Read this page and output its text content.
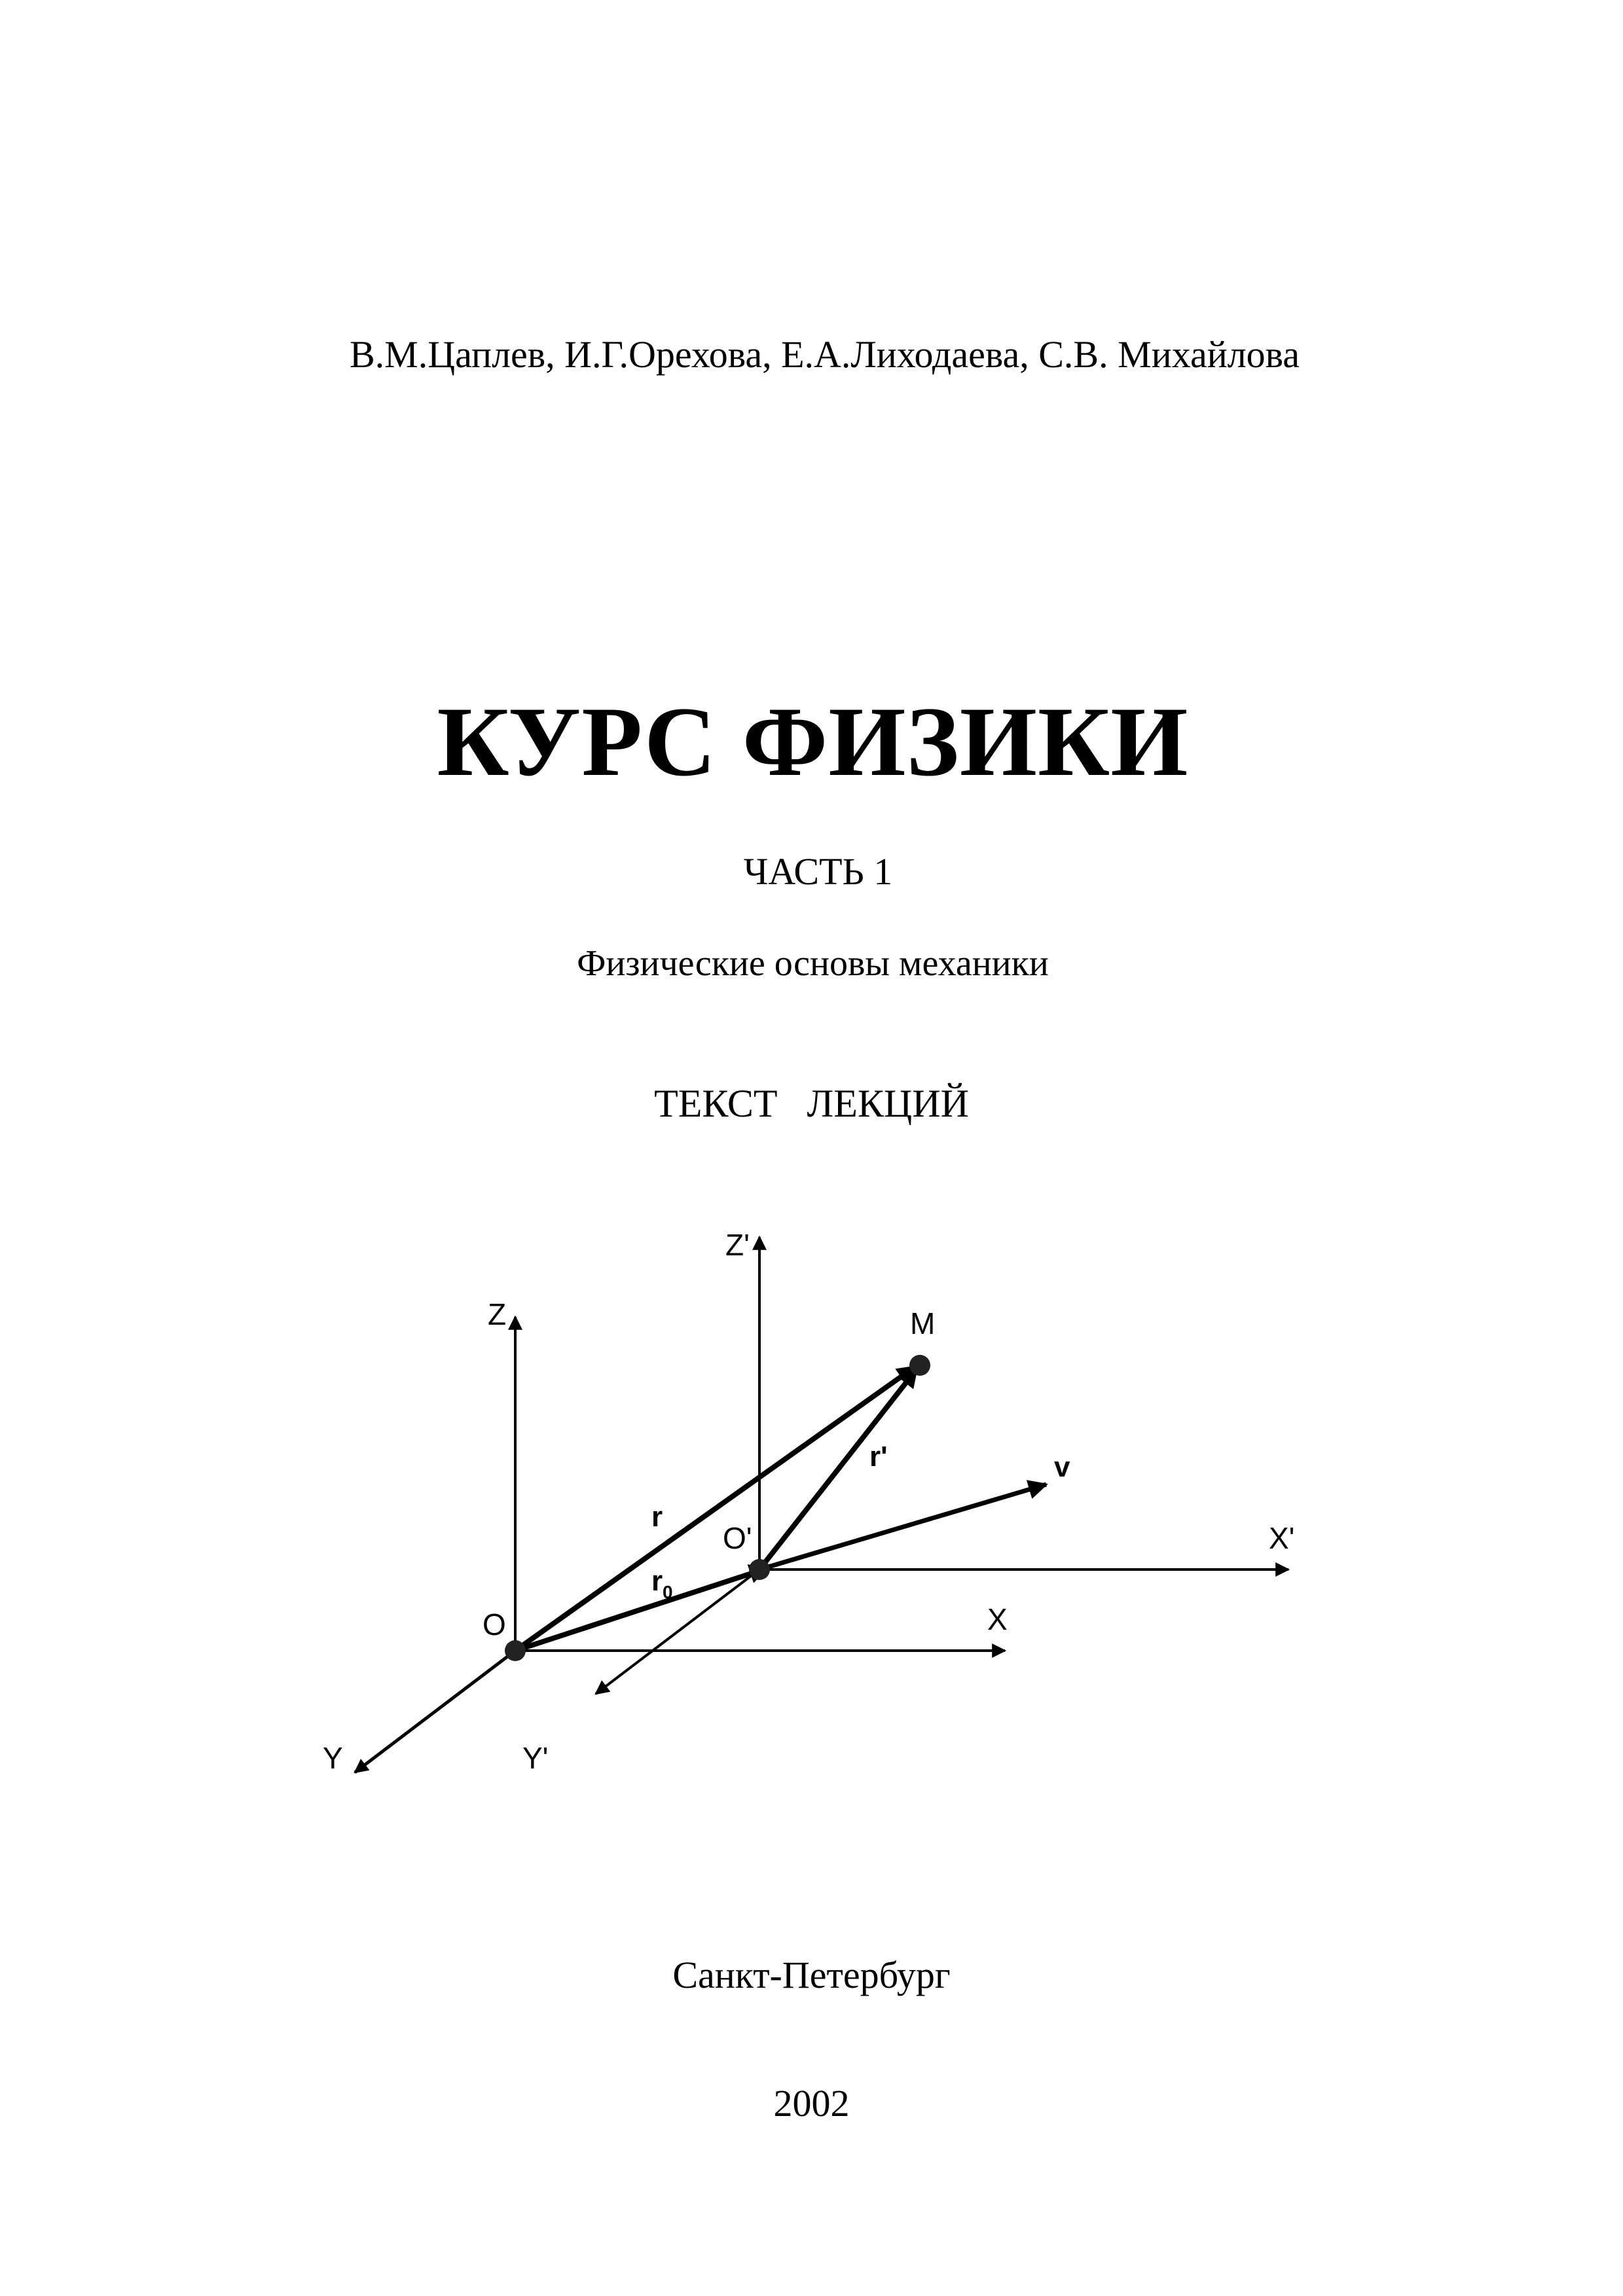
В.М.Цаплев, И.Г.Орехова, Е.А.Лиходаева, С.В. Михайлова
КУРС ФИЗИКИ
ЧАСТЬ 1
Физические основы механики
ТЕКСТ   ЛЕКЦИЙ
Z
Z'
M
r
r'	v
O'	X'
r 0
O	X
Y	Y'
Санкт-Петербург
2002
